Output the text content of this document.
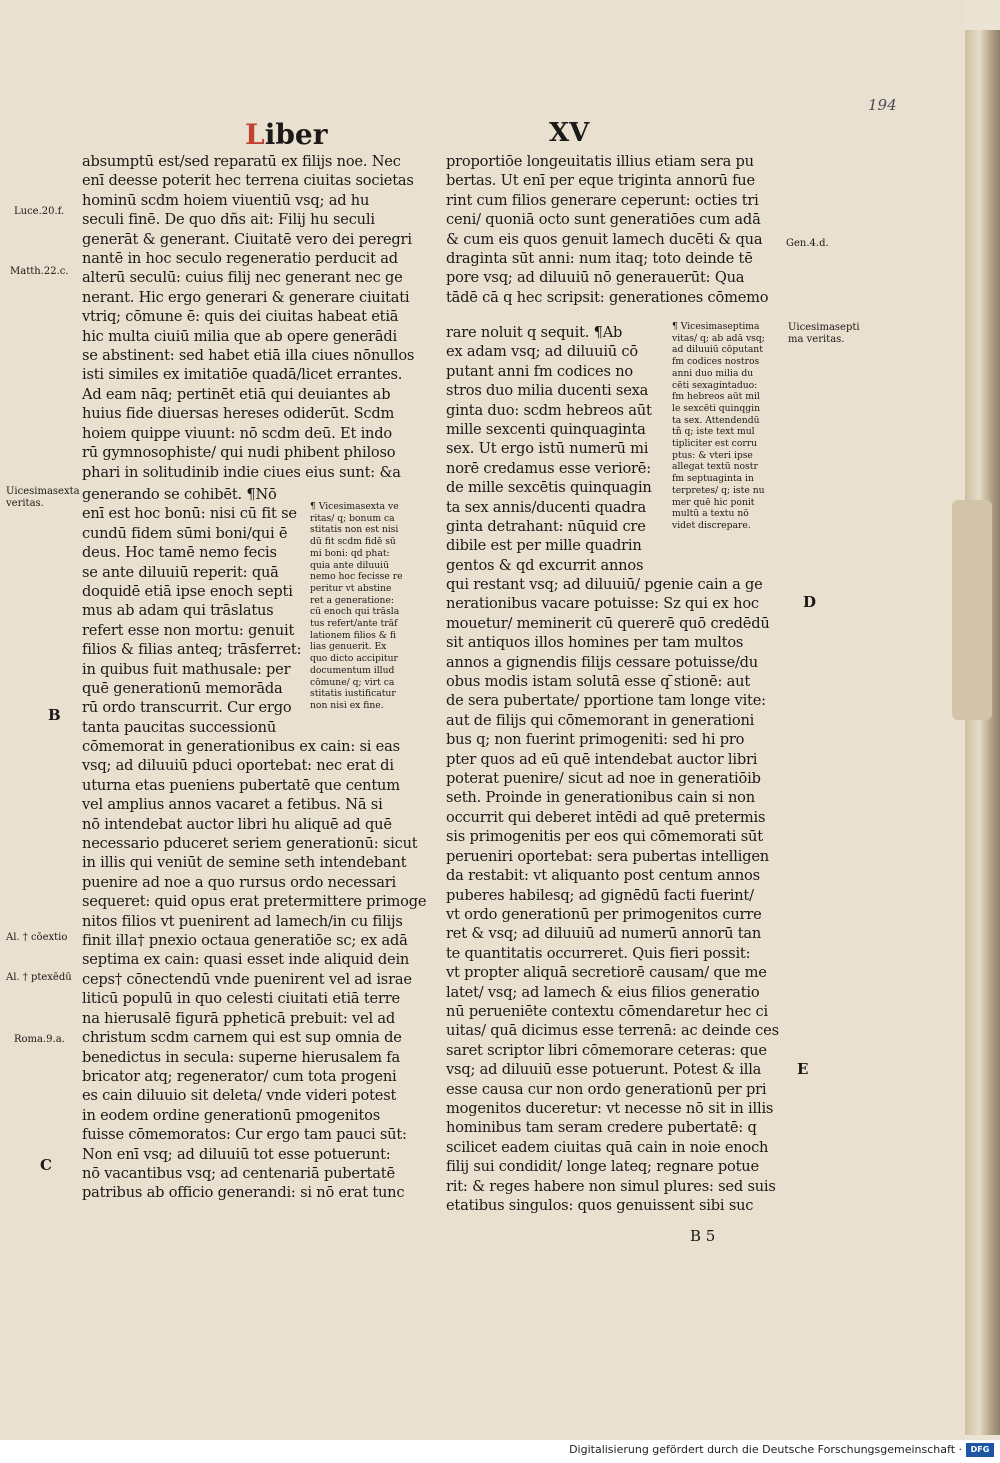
194
Liber	XV

absumptū est/sed reparatū ex filijs noe. Nec

enī deesse poterit hec terrena ciuitas societas

hominū scdm hoiem viuentiū vsq; ad hu

seculi finē. De quo dñs ait: Filij hu seculi

generāt & generant. Ciuitatē vero dei peregri

nantē in hoc seculo regeneratio perducit ad

alterū seculū: cuius filij nec generant nec ge

nerant. Hic ergo generari & generare ciuitati

vtriq; cōmune ē: quis dei ciuitas habeat etiā

hic multa ciuiū milia que ab opere generādi

se abstinent: sed habet etiā illa ciues nōnullos

isti similes ex imitatiōe quadā/licet errantes.

Ad eam nāq; pertinēt etiā qui deuiantes ab

huius fide diuersas hereses odiderūt. Scdm

hoiem quippe viuunt: nō scdm deū. Et indo

rū gymnosophiste/ qui nudi phibent philoso

phari in solitudinib indie ciues eius sunt: &a

generando se cohibēt. ¶Nō

enī est hoc bonū: nisi cū fit se

cundū fidem sūmi boni/qui ē

deus. Hoc tamē nemo fecis

se ante diluuiū reperit: quā

doquidē etiā ipse enoch septi

mus ab adam qui trāslatus

refert esse non mortu: genuit

filios & filias anteq; trāsferret:

in quibus fuit mathusale: per

quē generationū memorāda

rū ordo transcurrit. Cur ergo

tanta paucitas successionū

cōmemorat in generationibus ex cain: si eas

vsq; ad diluuiū pduci oportebat: nec erat di

uturna etas pueniens pubertatē que centum

vel amplius annos vacaret a fetibus. Nā si

nō intendebat auctor libri hu aliquē ad quē

necessario pduceret seriem generationū: sicut

in illis qui veniūt de semine seth intendebant

puenire ad noe a quo rursus ordo necessari

sequeret: quid opus erat pretermittere primoge

nitos filios vt puenirent ad lamech/in cu filijs

finit illa† pnexio octaua generatiōe sc; ex adā

septima ex cain: quasi esset inde aliquid dein

ceps† cōnectendū vnde puenirent vel ad israe

liticū populū in quo celesti ciuitati etiā terre

na hierusalē figurā ppheticā prebuit: vel ad

christum scdm carnem qui est sup omnia de

benedictus in secula: superne hierusalem fa

bricator atq; regenerator/ cum tota progeni

es cain diluuio sit deleta/ vnde videri potest

in eodem ordine generationū pmogenitos

fuisse cōmemoratos: Cur ergo tam pauci sūt:

Non enī vsq; ad diluuiū tot esse potuerunt:

nō vacantibus vsq; ad centenariā pubertatē

patribus ab officio generandi: si nō erat tunc

¶ Vicesimasexta ve

ritas/ q; bonum ca

stitatis non est nisi

dū fit scdm fidē sū

mi boni: qd phat:

quia ante diluuiū

nemo hoc fecisse re

peritur vt abstine

ret a generatione:

cū enoch qui trāsla

tus refert/ante trāf

lationem filios & fi

lias genuerit. Ex

quo dicto accipitur

documentum illud

cōmune/ q; virt ca

stitatis iustificatur

non nisi ex fine.

proportiōe longeuitatis illius etiam sera pu

bertas. Ut enī per eque triginta annorū fue

rint cum filios generare ceperunt: octies tri

ceni/ quoniā octo sunt generatiōes cum adā

& cum eis quos genuit lamech ducēti & qua

draginta sūt anni: num itaq; toto deinde tē

pore vsq; ad diluuiū nō generauerūt: Qua

tādē cā q hec scripsit: generationes cōmemo

rare noluit q sequit. ¶Ab

ex adam vsq; ad diluuiū cō

putant anni fm codices no

stros duo milia ducenti sexa

ginta duo: scdm hebreos aūt

mille sexcenti quinquaginta

sex. Ut ergo istū numerū mi

norē credamus esse veriorē:

de mille sexcētis quinquagin

ta sex annis/ducenti quadra

ginta detrahant: nūquid cre

dibile est per mille quadrin

gentos & qd excurrit annos

qui restant vsq; ad diluuiū/ pgenie cain a ge

nerationibus vacare potuisse: Sz qui ex hoc

mouetur/ meminerit cū quererē quō credēdū

sit antiquos illos homines per tam multos

annos a gignendis filijs cessare potuisse/du

obus modis istam solutā esse q ̄stionē: aut

de sera pubertate/ pportione tam longe vite:

aut de filijs qui cōmemorant in generationi

bus q; non fuerint primogeniti: sed hi pro

pter quos ad eū quē intendebat auctor libri

poterat puenire/ sicut ad noe in generatiōib

seth. Proinde in generationibus cain si non

occurrit qui deberet intēdi ad quē pretermis

sis primogenitis per eos qui cōmemorati sūt

perueniri oportebat: sera pubertas intelligen

da restabit: vt aliquanto post centum annos

puberes habilesq; ad gignēdū facti fuerint/

vt ordo generationū per primogenitos curre

ret & vsq; ad diluuiū ad numerū annorū tan

te quantitatis occurreret. Quis fieri possit:

vt propter aliquā secretiorē causam/ que me

latet/ vsq; ad lamech & eius filios generatio

nū perueniēte contextu cōmendaretur hec ci

uitas/ quā dicimus esse terrenā: ac deinde ces

saret scriptor libri cōmemorare ceteras: que

vsq; ad diluuiū esse potuerunt. Potest & illa

esse causa cur non ordo generationū per pri

mogenitos duceretur: vt necesse nō sit in illis

hominibus tam seram credere pubertatē: q

scilicet eadem ciuitas quā cain in noie enoch

filij sui condidit/ longe lateq; regnare potue

rit: & reges habere non simul plures: sed suis

etatibus singulos: quos genuissent sibi suc

¶ Vicesimaseptima

vitas/ q; ab adā vsq;

ad diluuiū cōputant

fm codices nostros

anni duo milia du

cēti sexagintaduo:

fm hebreos aūt mil

le sexcēti quinqgin

ta sex. Attendendū

tñ q; iste text mul

tipliciter est corru

ptus: & vteri ipse

allegat textū nostr

fm septuaginta in

terpretes/ q; iste nu

mer quē hic ponit

multū a textu nō

videt discrepare.

Luce.20.f.
Matth.22.c.

Uicesimasexta

veritas.

Al. † cōextio
Al. † ptexēdū
Roma.9.a.
Gen.4.d.

Uicesimasepti

ma veritas.

B
C
D
E
B 5
Digitalisierung gefördert durch die Deutsche Forschungsgemeinschaft ·	DFG
